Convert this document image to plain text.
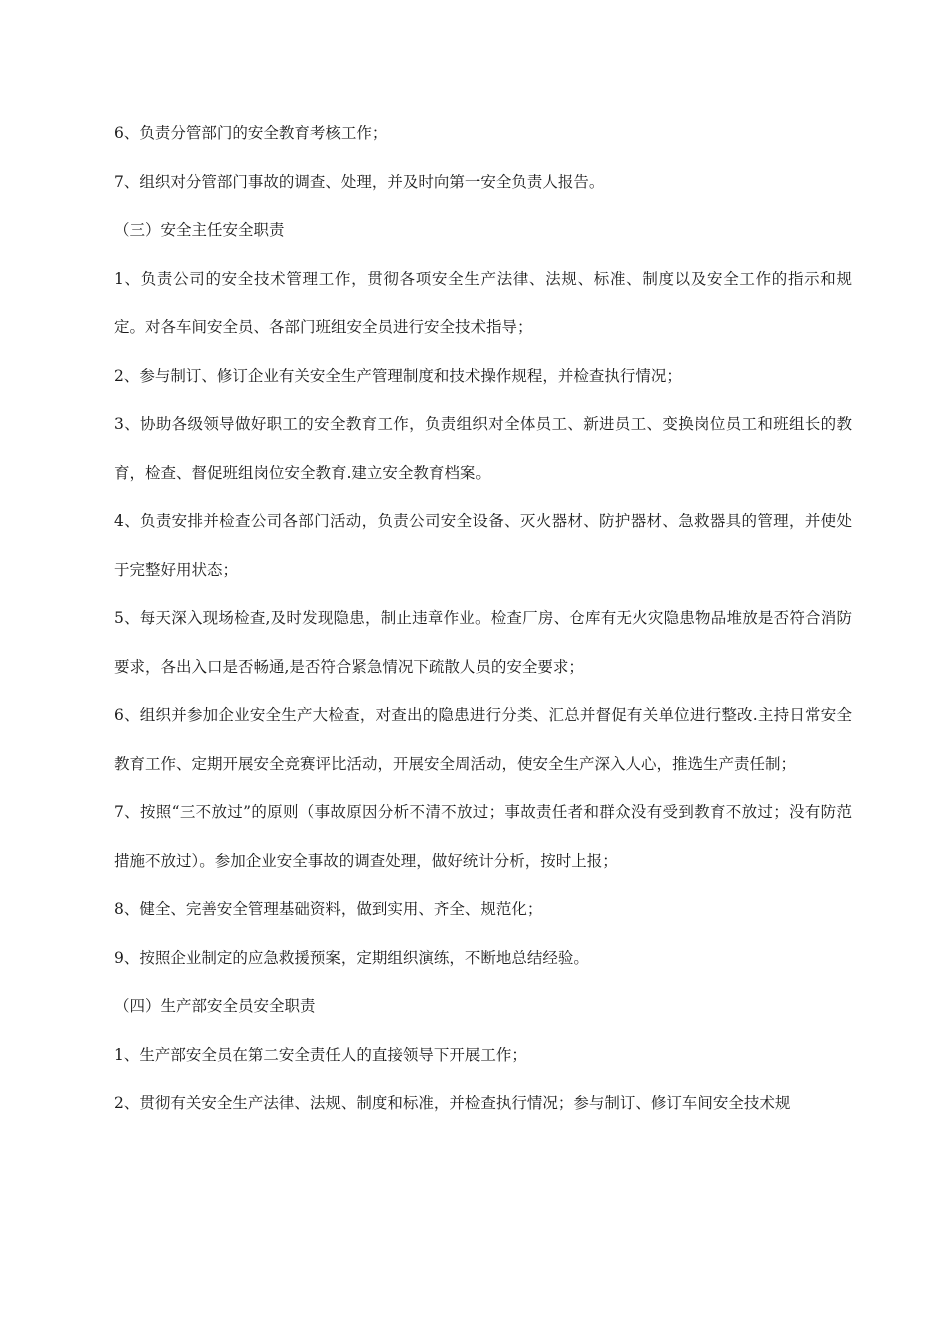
6、负责分管部门的安全教育考核工作；

7、组织对分管部门事故的调查、处理，并及时向第一安全负责人报告。

（三）安全主任安全职责

1、负责公司的安全技术管理工作，贯彻各项安全生产法律、法规、标准、制度以及安全工作的指示和规定。对各车间安全员、各部门班组安全员进行安全技术指导；

2、参与制订、修订企业有关安全生产管理制度和技术操作规程，并检查执行情况；

3、协助各级领导做好职工的安全教育工作，负责组织对全体员工、新进员工、变换岗位员工和班组长的教育，检查、督促班组岗位安全教育.建立安全教育档案。

4、负责安排并检查公司各部门活动，负责公司安全设备、灭火器材、防护器材、急救器具的管理，并使处于完整好用状态；

5、每天深入现场检查,及时发现隐患，制止违章作业。检查厂房、仓库有无火灾隐患物品堆放是否符合消防要求，各出入口是否畅通,是否符合紧急情况下疏散人员的安全要求；

6、组织并参加企业安全生产大检查，对查出的隐患进行分类、汇总并督促有关单位进行整改.主持日常安全教育工作、定期开展安全竞赛评比活动，开展安全周活动，使安全生产深入人心，推选生产责任制；

7、按照“三不放过”的原则（事故原因分析不清不放过；事故责任者和群众没有受到教育不放过；没有防范措施不放过）。参加企业安全事故的调查处理，做好统计分析，按时上报；

8、健全、完善安全管理基础资料，做到实用、齐全、规范化；

9、按照企业制定的应急救援预案，定期组织演练，不断地总结经验。

（四）生产部安全员安全职责

1、生产部安全员在第二安全责任人的直接领导下开展工作；

2、贯彻有关安全生产法律、法规、制度和标准，并检查执行情况；参与制订、修订车间安全技术规
